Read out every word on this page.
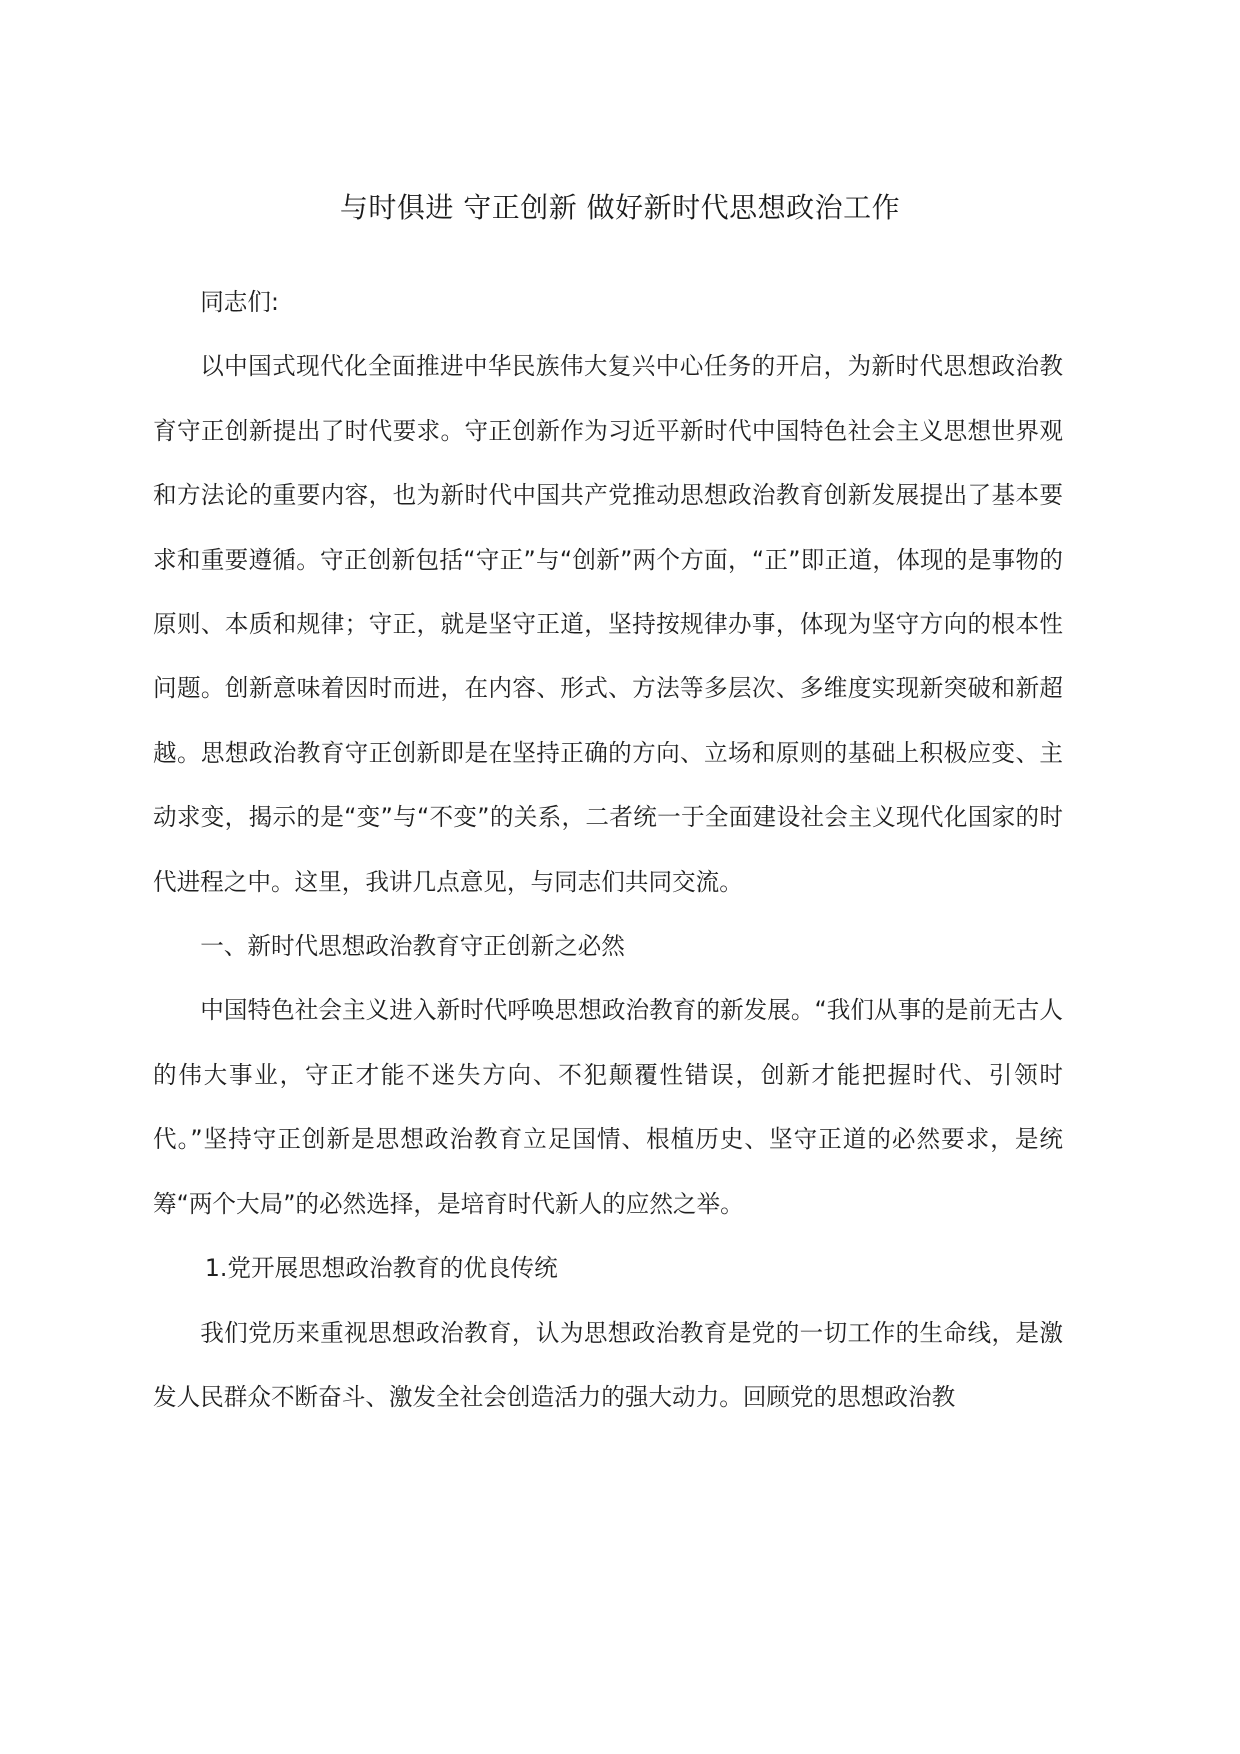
与时俱进 守正创新 做好新时代思想政治工作

同志们:

以中国式现代化全面推进中华民族伟大复兴中心任务的开启，为新时代思想政治教育守正创新提出了时代要求。守正创新作为习近平新时代中国特色社会主义思想世界观和方法论的重要内容，也为新时代中国共产党推动思想政治教育创新发展提出了基本要求和重要遵循。守正创新包括“守正”与“创新”两个方面，“正”即正道，体现的是事物的原则、本质和规律；守正，就是坚守正道，坚持按规律办事，体现为坚守方向的根本性问题。创新意味着因时而进，在内容、形式、方法等多层次、多维度实现新突破和新超越。思想政治教育守正创新即是在坚持正确的方向、立场和原则的基础上积极应变、主动求变，揭示的是“变”与“不变”的关系，二者统一于全面建设社会主义现代化国家的时代进程之中。这里，我讲几点意见，与同志们共同交流。

一、新时代思想政治教育守正创新之必然

中国特色社会主义进入新时代呼唤思想政治教育的新发展。“我们从事的是前无古人的伟大事业，守正才能不迷失方向、不犯颠覆性错误，创新才能把握时代、引领时代。”坚持守正创新是思想政治教育立足国情、根植历史、坚守正道的必然要求，是统筹“两个大局”的必然选择，是培育时代新人的应然之举。

1.党开展思想政治教育的优良传统

我们党历来重视思想政治教育，认为思想政治教育是党的一切工作的生命线，是激发人民群众不断奋斗、激发全社会创造活力的强大动力。回顾党的思想政治教
